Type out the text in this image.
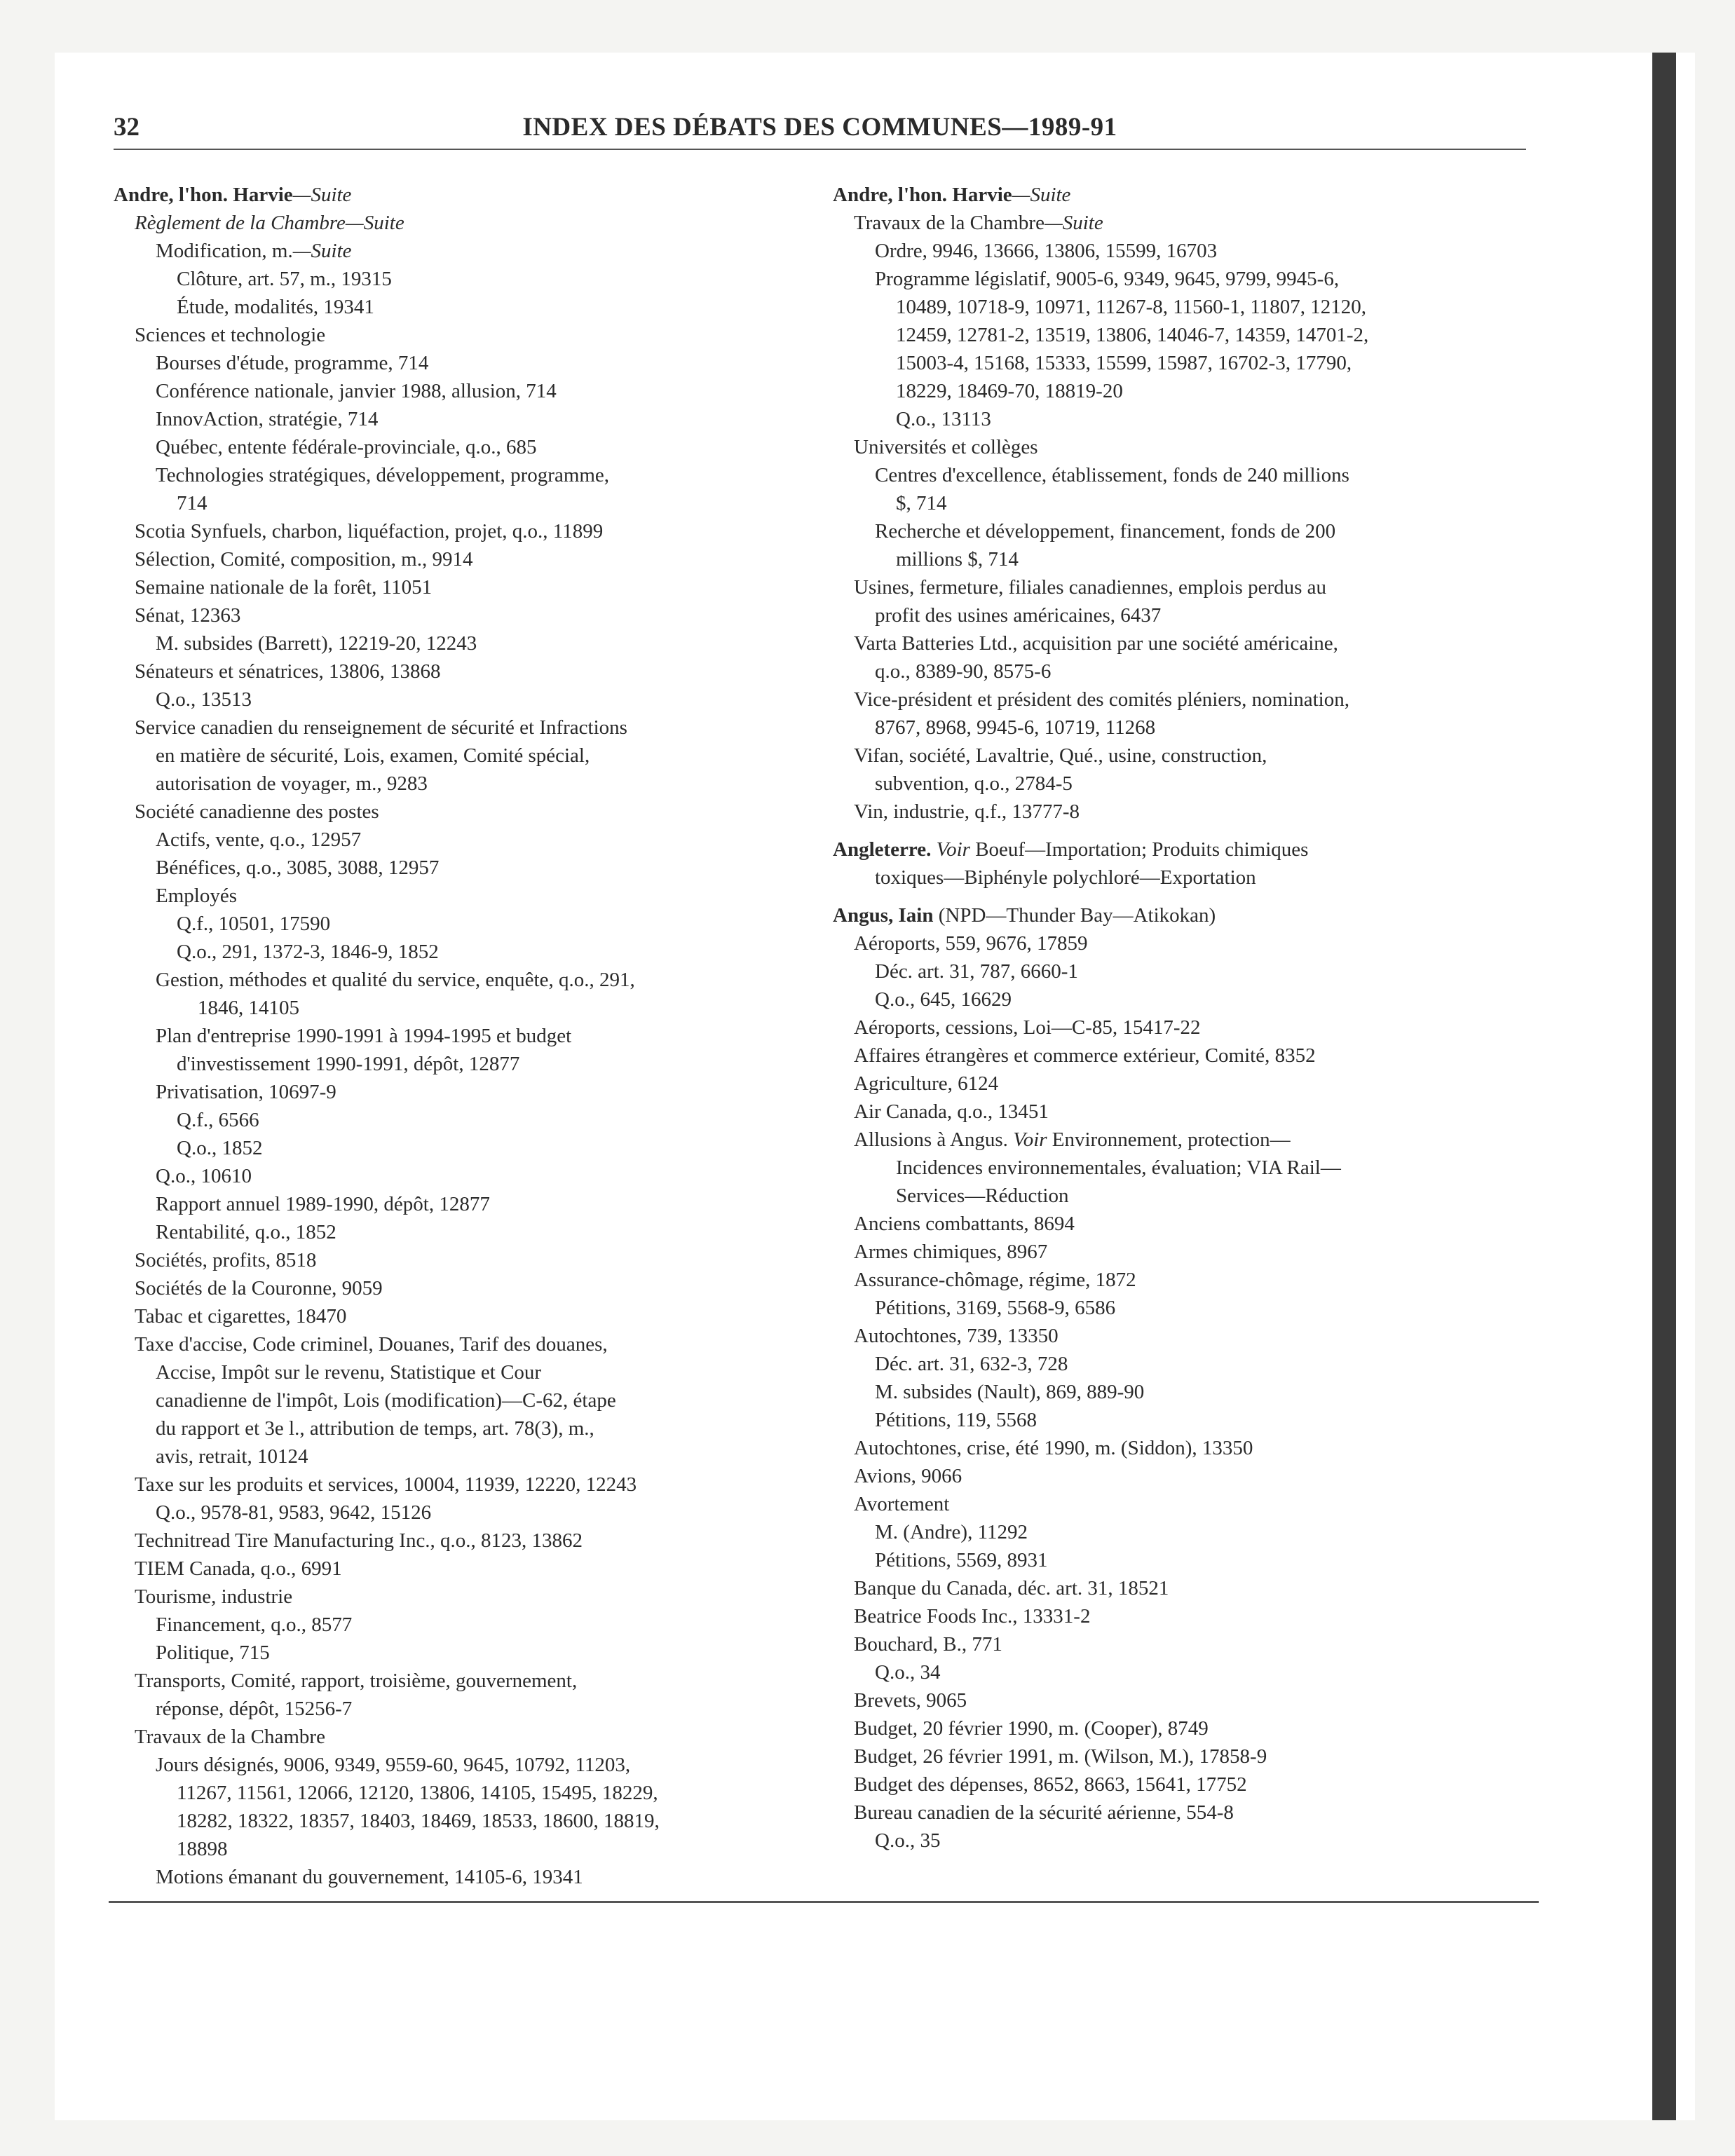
32	INDEX DES DÉBATS DES COMMUNES—1989-91
Andre, l'hon. Harvie—Suite
Règlement de la Chambre—Suite
Modification, m.—Suite
Clôture, art. 57, m., 19315
Étude, modalités, 19341
Sciences et technologie
Bourses d'étude, programme, 714
Conférence nationale, janvier 1988, allusion, 714
InnovAction, stratégie, 714
Québec, entente fédérale-provinciale, q.o., 685
Technologies stratégiques, développement, programme,
714
Scotia Synfuels, charbon, liquéfaction, projet, q.o., 11899
Sélection, Comité, composition, m., 9914
Semaine nationale de la forêt, 11051
Sénat, 12363
M. subsides (Barrett), 12219-20, 12243
Sénateurs et sénatrices, 13806, 13868
Q.o., 13513
Service canadien du renseignement de sécurité et Infractions
en matière de sécurité, Lois, examen, Comité spécial,
autorisation de voyager, m., 9283
Société canadienne des postes
Actifs, vente, q.o., 12957
Bénéfices, q.o., 3085, 3088, 12957
Employés
Q.f., 10501, 17590
Q.o., 291, 1372-3, 1846-9, 1852
Gestion, méthodes et qualité du service, enquête, q.o., 291,
1846, 14105
Plan d'entreprise 1990-1991 à 1994-1995 et budget
d'investissement 1990-1991, dépôt, 12877
Privatisation, 10697-9
Q.f., 6566
Q.o., 1852
Q.o., 10610
Rapport annuel 1989-1990, dépôt, 12877
Rentabilité, q.o., 1852
Sociétés, profits, 8518
Sociétés de la Couronne, 9059
Tabac et cigarettes, 18470
Taxe d'accise, Code criminel, Douanes, Tarif des douanes,
Accise, Impôt sur le revenu, Statistique et Cour
canadienne de l'impôt, Lois (modification)—C-62, étape
du rapport et 3e l., attribution de temps, art. 78(3), m.,
avis, retrait, 10124
Taxe sur les produits et services, 10004, 11939, 12220, 12243
Q.o., 9578-81, 9583, 9642, 15126
Technitread Tire Manufacturing Inc., q.o., 8123, 13862
TIEM Canada, q.o., 6991
Tourisme, industrie
Financement, q.o., 8577
Politique, 715
Transports, Comité, rapport, troisième, gouvernement,
réponse, dépôt, 15256-7
Travaux de la Chambre
Jours désignés, 9006, 9349, 9559-60, 9645, 10792, 11203,
11267, 11561, 12066, 12120, 13806, 14105, 15495, 18229,
18282, 18322, 18357, 18403, 18469, 18533, 18600, 18819,
18898
Motions émanant du gouvernement, 14105-6, 19341
Andre, l'hon. Harvie—Suite
Travaux de la Chambre—Suite
Ordre, 9946, 13666, 13806, 15599, 16703
Programme législatif, 9005-6, 9349, 9645, 9799, 9945-6,
10489, 10718-9, 10971, 11267-8, 11560-1, 11807, 12120,
12459, 12781-2, 13519, 13806, 14046-7, 14359, 14701-2,
15003-4, 15168, 15333, 15599, 15987, 16702-3, 17790,
18229, 18469-70, 18819-20
Q.o., 13113
Universités et collèges
Centres d'excellence, établissement, fonds de 240 millions
$, 714
Recherche et développement, financement, fonds de 200
millions $, 714
Usines, fermeture, filiales canadiennes, emplois perdus au
profit des usines américaines, 6437
Varta Batteries Ltd., acquisition par une société américaine,
q.o., 8389-90, 8575-6
Vice-président et président des comités pléniers, nomination,
8767, 8968, 9945-6, 10719, 11268
Vifan, société, Lavaltrie, Qué., usine, construction,
subvention, q.o., 2784-5
Vin, industrie, q.f., 13777-8
Angleterre. Voir Boeuf—Importation; Produits chimiques
toxiques—Biphényle polychloré—Exportation
Angus, Iain (NPD—Thunder Bay—Atikokan)
Aéroports, 559, 9676, 17859
Déc. art. 31, 787, 6660-1
Q.o., 645, 16629
Aéroports, cessions, Loi—C-85, 15417-22
Affaires étrangères et commerce extérieur, Comité, 8352
Agriculture, 6124
Air Canada, q.o., 13451
Allusions à Angus. Voir Environnement, protection—
Incidences environnementales, évaluation; VIA Rail—
Services—Réduction
Anciens combattants, 8694
Armes chimiques, 8967
Assurance-chômage, régime, 1872
Pétitions, 3169, 5568-9, 6586
Autochtones, 739, 13350
Déc. art. 31, 632-3, 728
M. subsides (Nault), 869, 889-90
Pétitions, 119, 5568
Autochtones, crise, été 1990, m. (Siddon), 13350
Avions, 9066
Avortement
M. (Andre), 11292
Pétitions, 5569, 8931
Banque du Canada, déc. art. 31, 18521
Beatrice Foods Inc., 13331-2
Bouchard, B., 771
Q.o., 34
Brevets, 9065
Budget, 20 février 1990, m. (Cooper), 8749
Budget, 26 février 1991, m. (Wilson, M.), 17858-9
Budget des dépenses, 8652, 8663, 15641, 17752
Bureau canadien de la sécurité aérienne, 554-8
Q.o., 35
